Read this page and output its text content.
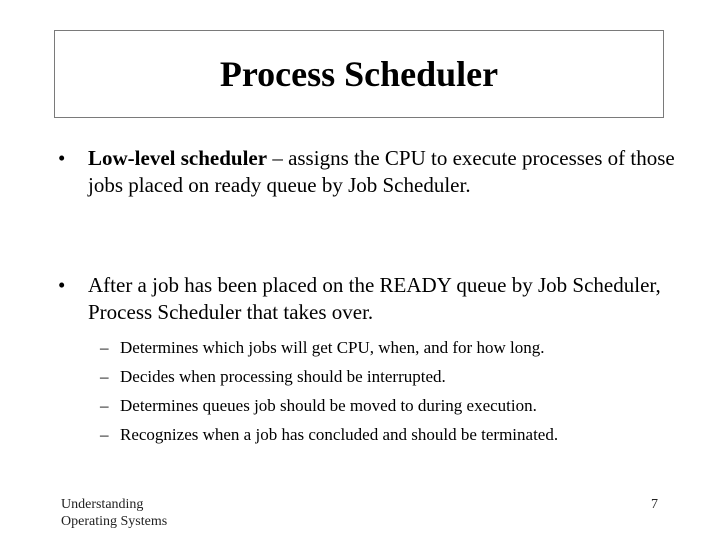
Process Scheduler
•	Low-level scheduler – assigns the CPU to execute processes of those jobs placed on ready queue by Job Scheduler.
•	After a job has been placed on the READY queue by Job Scheduler, Process Scheduler that takes over.
– Determines which jobs will get CPU, when, and for how long.
– Decides when processing should be interrupted.
– Determines queues job should be moved to during execution.
– Recognizes when a job has concluded and should be terminated.
Understanding
Operating Systems
7
